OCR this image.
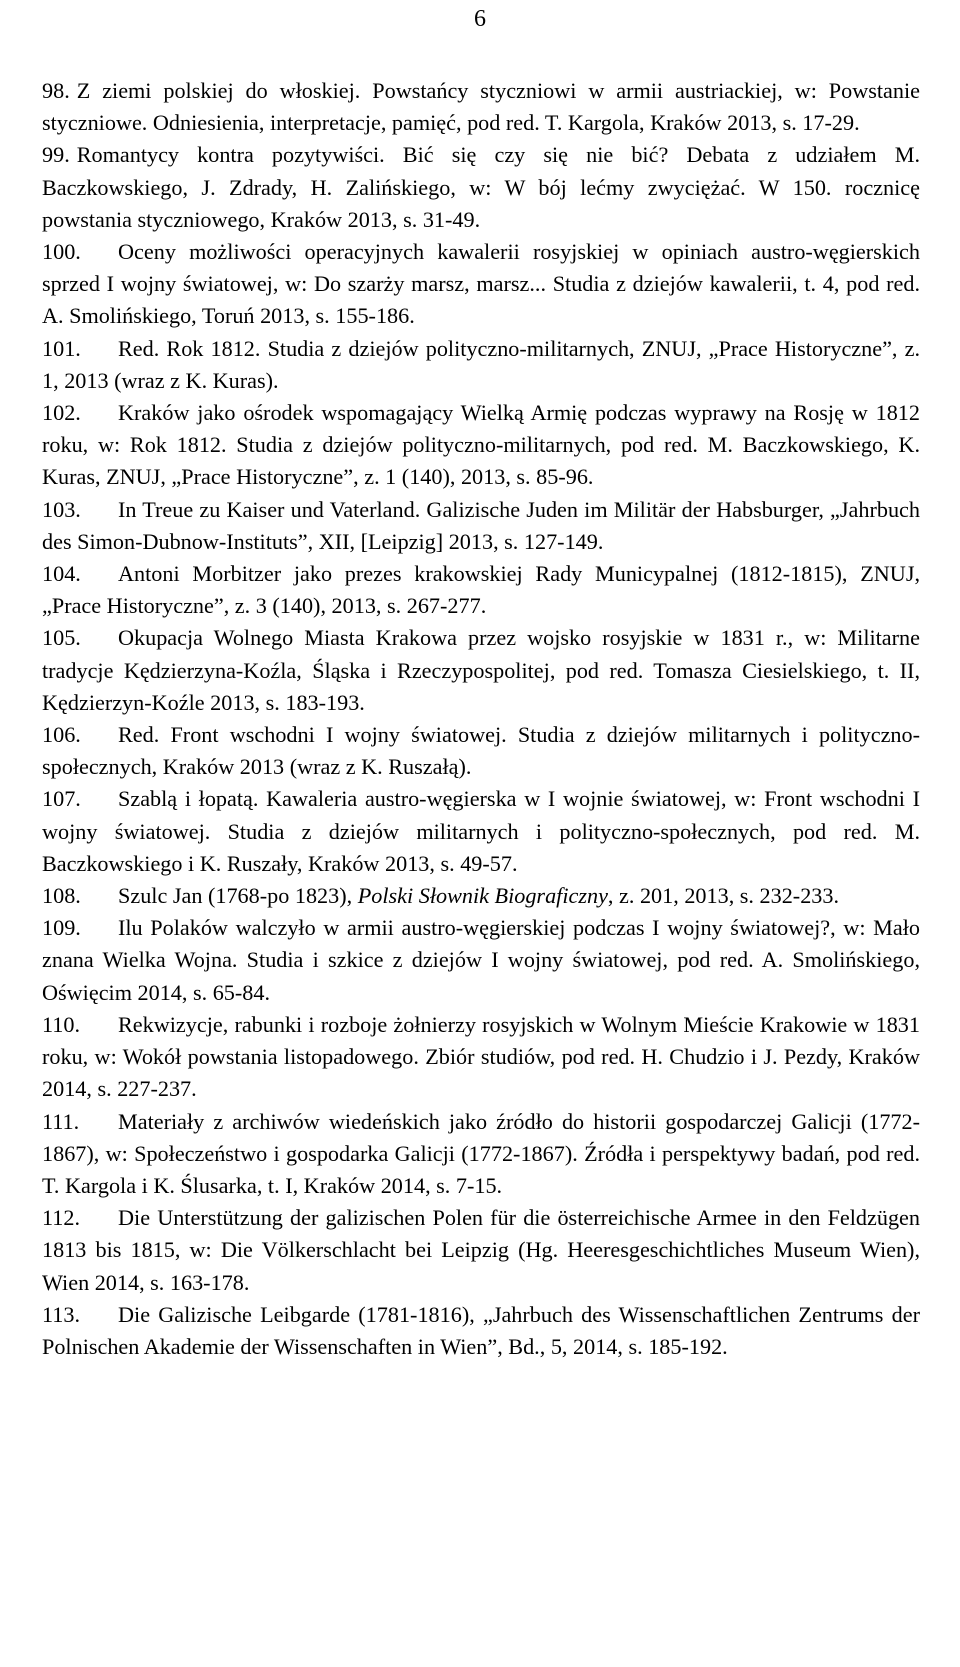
6

98. Z ziemi polskiej do włoskiej. Powstańcy styczniowi w armii austriackiej, w: Powstanie styczniowe. Odniesienia, interpretacje, pamięć, pod red. T. Kargola, Kraków 2013, s. 17-29.

99. Romantycy kontra pozytywiści. Bić się czy się nie bić? Debata z udziałem M. Baczkowskiego, J. Zdrady, H. Zalińskiego, w: W bój lećmy zwyciężać. W 150. rocznicę powstania styczniowego, Kraków 2013, s. 31-49.

100. Oceny możliwości operacyjnych kawalerii rosyjskiej w opiniach austro-węgierskich sprzed I wojny światowej, w: Do szarży marsz, marsz... Studia z dziejów kawalerii, t. 4, pod red. A. Smolińskiego, Toruń 2013, s. 155-186.

101. Red. Rok 1812. Studia z dziejów polityczno-militarnych, ZNUJ, „Prace Historyczne”, z. 1, 2013 (wraz z K. Kuras).

102. Kraków jako ośrodek wspomagający Wielką Armię podczas wyprawy na Rosję w 1812 roku, w: Rok 1812. Studia z dziejów polityczno-militarnych, pod red. M. Baczkowskiego, K. Kuras, ZNUJ, „Prace Historyczne”, z. 1 (140), 2013, s. 85-96.

103. In Treue zu Kaiser und Vaterland. Galizische Juden im Militär der Habsburger, „Jahrbuch des Simon-Dubnow-Instituts”, XII, [Leipzig] 2013, s. 127-149.

104. Antoni Morbitzer jako prezes krakowskiej Rady Municypalnej (1812-1815), ZNUJ, „Prace Historyczne”, z. 3 (140), 2013, s. 267-277.

105. Okupacja Wolnego Miasta Krakowa przez wojsko rosyjskie w 1831 r., w: Militarne tradycje Kędzierzyna-Koźla, Śląska i Rzeczypospolitej, pod red. Tomasza Ciesielskiego, t. II, Kędzierzyn-Koźle 2013, s. 183-193.

106. Red. Front wschodni I wojny światowej. Studia z dziejów militarnych i polityczno-społecznych, Kraków 2013 (wraz z K. Ruszałą).

107. Szablą i łopatą. Kawaleria austro-węgierska w I wojnie światowej, w: Front wschodni I wojny światowej. Studia z dziejów militarnych i polityczno-społecznych, pod red. M. Baczkowskiego i K. Ruszały, Kraków 2013, s. 49-57.

108. Szulc Jan (1768-po 1823), Polski Słownik Biograficzny, z. 201, 2013, s. 232-233.

109. Ilu Polaków walczyło w armii austro-węgierskiej podczas I wojny światowej?, w: Mało znana Wielka Wojna. Studia i szkice z dziejów I wojny światowej, pod red. A. Smolińskiego, Oświęcim 2014, s. 65-84.

110. Rekwizycje, rabunki i rozboje żołnierzy rosyjskich w Wolnym Mieście Krakowie w 1831 roku, w: Wokół powstania listopadowego. Zbiór studiów, pod red. H. Chudzio i J. Pezdy, Kraków 2014, s. 227-237.

111. Materiały z archiwów wiedeńskich jako źródło do historii gospodarczej Galicji (1772-1867), w: Społeczeństwo i gospodarka Galicji (1772-1867). Źródła i perspektywy badań, pod red. T. Kargola i K. Ślusarka, t. I, Kraków 2014, s. 7-15.

112. Die Unterstützung der galizischen Polen für die österreichische Armee in den Feldzügen 1813 bis 1815, w: Die Völkerschlacht bei Leipzig (Hg. Heeresgeschichtliches Museum Wien), Wien 2014, s. 163-178.

113. Die Galizische Leibgarde (1781-1816), „Jahrbuch des Wissenschaftlichen Zentrums der Polnischen Akademie der Wissenschaften in Wien”, Bd., 5, 2014, s. 185-192.
